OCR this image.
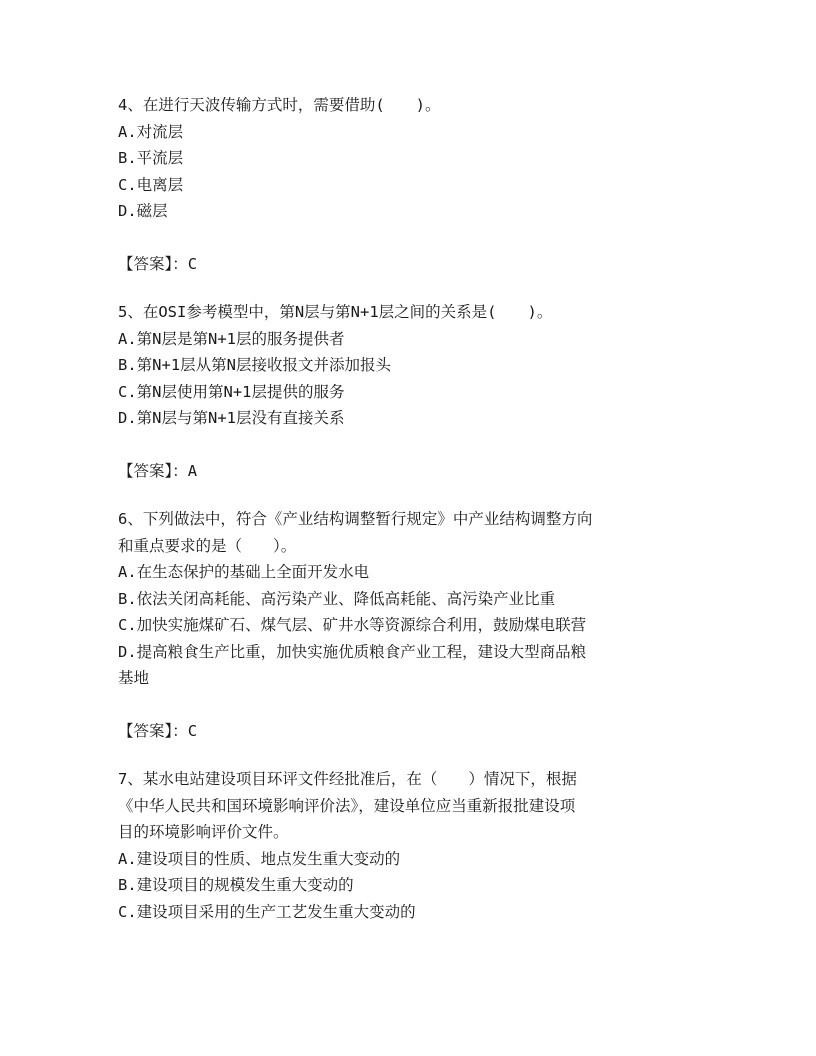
4、在进行天波传输方式时，需要借助(　　)。
A.对流层
B.平流层
C.电离层
D.磁层
【答案】：C
5、在OSI参考模型中，第N层与第N+1层之间的关系是(　　)。
A.第N层是第N+1层的服务提供者
B.第N+1层从第N层接收报文并添加报头
C.第N层使用第N+1层提供的服务
D.第N层与第N+1层没有直接关系
【答案】：A
6、下列做法中，符合《产业结构调整暂行规定》中产业结构调整方向
和重点要求的是（　　）。
A.在生态保护的基础上全面开发水电
B.依法关闭高耗能、高污染产业、降低高耗能、高污染产业比重
C.加快实施煤矿石、煤气层、矿井水等资源综合利用，鼓励煤电联营
D.提高粮食生产比重，加快实施优质粮食产业工程，建设大型商品粮
基地
【答案】：C
7、某水电站建设项目环评文件经批准后，在（　　）情况下，根据
《中华人民共和国环境影响评价法》，建设单位应当重新报批建设项
目的环境影响评价文件。
A.建设项目的性质、地点发生重大变动的
B.建设项目的规模发生重大变动的
C.建设项目采用的生产工艺发生重大变动的
